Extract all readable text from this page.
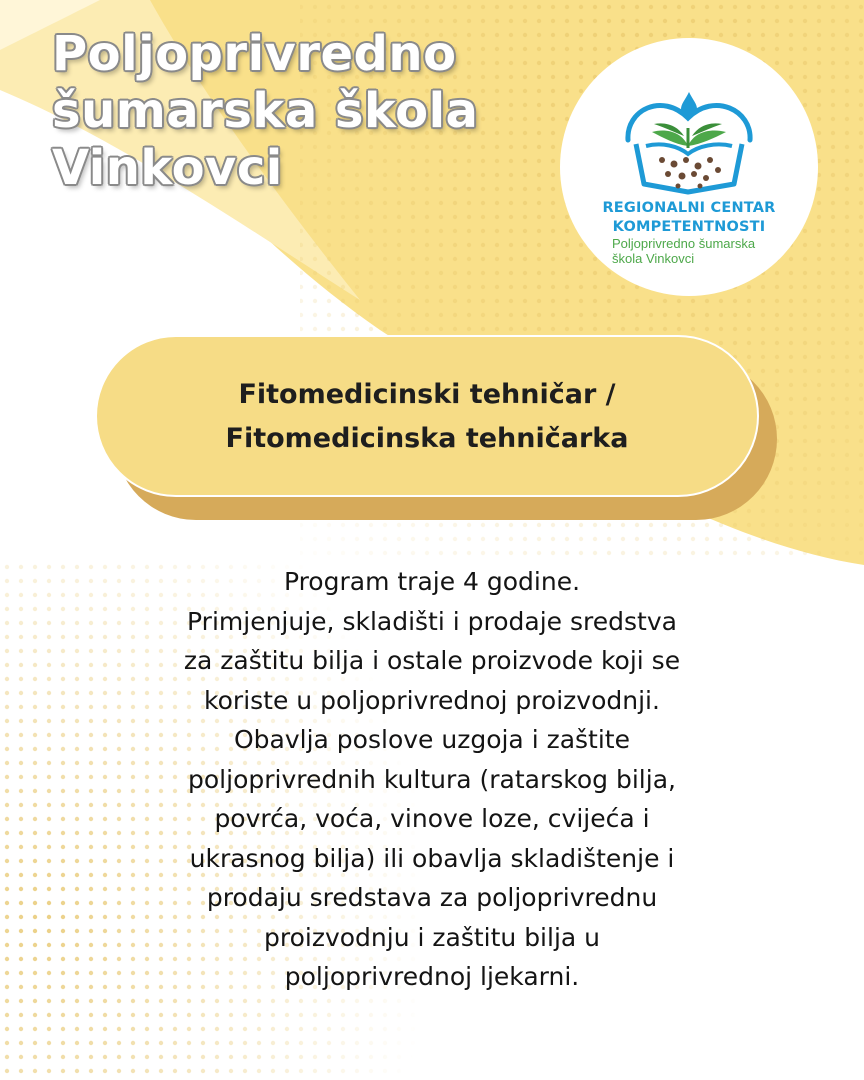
Poljoprivredno
šumarska škola
Vinkovci
REGIONALNI CENTAR
KOMPETENTNOSTI
Poljoprivredno šumarska
škola Vinkovci
Fitomedicinski tehničar /
Fitomedicinska tehničarka
Program traje 4 godine.
Primjenjuje, skladišti i prodaje sredstva
za zaštitu bilja i ostale proizvode koji se
koriste u poljoprivrednoj proizvodnji.
Obavlja poslove uzgoja i zaštite
poljoprivrednih kultura (ratarskog bilja,
povrća, voća, vinove loze, cvijeća i
ukrasnog bilja) ili obavlja skladištenje i
prodaju sredstava za poljoprivrednu
proizvodnju i zaštitu bilja u
poljoprivrednoj ljekarni.
